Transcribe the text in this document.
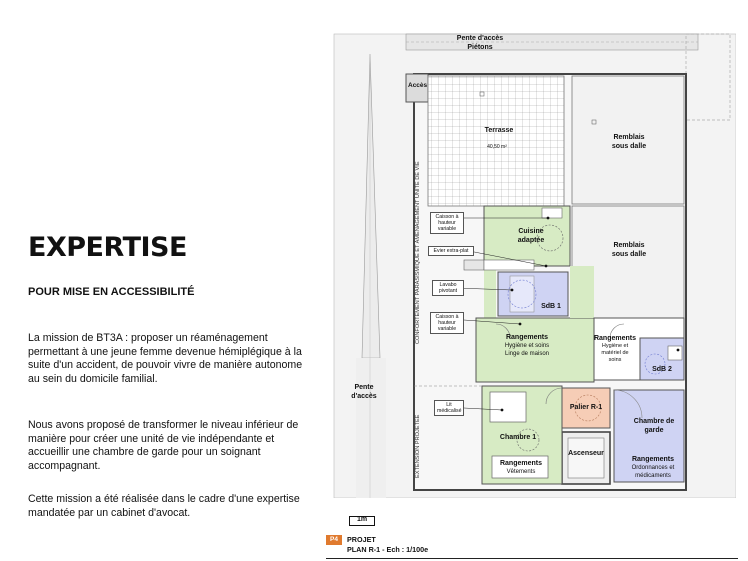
EXPERTISE
POUR MISE EN ACCESSIBILITÉ

La mission de BT3A : proposer un réaménagement permettant à une jeune femme devenue hémiplégique à la suite d'un accident, de pouvoir vivre de manière autonome au sein du domicile familial.

Nous avons proposé de transformer le niveau inférieur de manière pour créer une unité de vie indépendante et accueillir une chambre de garde pour un soignant accompagnant.

Cette mission a été réalisée dans le cadre d'une expertise mandatée par un cabinet d'avocat.

CONFORTEMENT PARASISMIQUE ET AMENAGEMENT UNITE DE VIE
EXTENSION PROJETEE
Pente d'accès
Piétons
Accès
Terrasse
40,50 m²
Remblais
sous dalle
Remblais
sous dalle
Cuisine
adaptée
SdB 1
Rangements
Hygiène et soins
Linge de maison
Rangements
Hygiène et
matériel de
soins
SdB 2
Palier R-1
Chambre 1
Ascenseur
Rangements
Vêtements
Chambre de
garde
Rangements
Ordonnances et
médicaments
Pente
d'accès
Caisson à
hauteur
variable
Evier extra-plat
Lavabo
pivotant
Caisson à
hauteur
variable
Lit
médicalisé
1m
P4	PROJET
PLAN R-1 - Ech : 1/100e
